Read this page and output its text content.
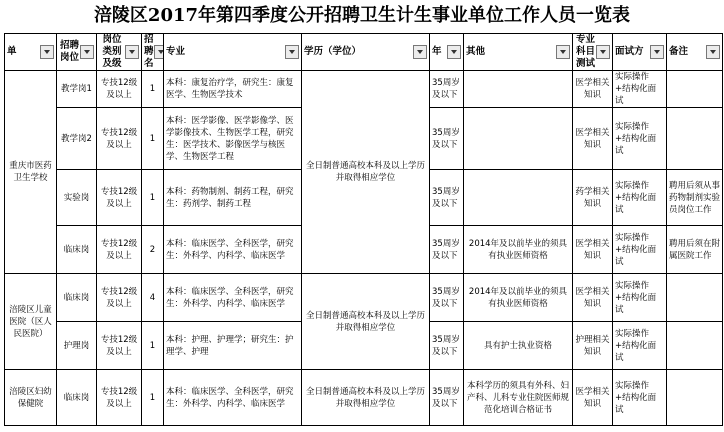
涪陵区2017年第四季度公开招聘卫生计生事业单位工作人员一览表
单	招聘岗位	岗位类别及级	招聘名	专业	学历（学位）	年	其他	专业科目测试	面试方	备注

重庆市医药卫生学校	教学岗1	专技12级及以上	1	本科：康复治疗学，研究生：康复医学、生物医学技术	全日制普通高校本科及以上学历并取得相应学位	35周岁及以下		医学相关知识	实际操作+结构化面试	
	教学岗2	专技12级及以上	1	本科：医学影像、医学影像学、医学影像技术、生物医学工程，研究生：医学技术、影像医学与核医学、生物医学工程		35周岁及以下		医学相关知识	实际操作+结构化面试	
	实验岗	专技12级及以上	1	本科：药物制剂、制药工程，研究生：药剂学、制药工程		35周岁及以下		药学相关知识	实际操作+结构化面试	聘用后须从事药物制剂实验员岗位工作
	临床岗	专技12级及以上	2	本科：临床医学、全科医学，研究生：外科学、内科学、临床医学		35周岁及以下	2014年及以前毕业的须具有执业医师资格	医学相关知识	实际操作+结构化面试	聘用后须在附属医院工作
涪陵区儿童医院（区人民医院）	临床岗	专技12级及以上	4	本科：临床医学、全科医学，研究生：外科学、内科学、临床医学	全日制普通高校本科及以上学历并取得相应学位	35周岁及以下	2014年及以前毕业的须具有执业医师资格	医学相关知识	实际操作+结构化面试	
	护理岗	专技12级及以上	1	本科：护理、护理学；研究生：护理学、护理		35周岁及以下	具有护士执业资格	护理相关知识	实际操作+结构化面试	
涪陵区妇幼保健院	临床岗	专技12级及以上	1	本科：临床医学、全科医学，研究生：外科学、内科学、临床医学	全日制普通高校本科及以上学历并取得相应学位	35周岁及以下	本科学历的须具有外科、妇产科、儿科专业住院医师规范化培训合格证书	医学相关知识	实际操作+结构化面试	
